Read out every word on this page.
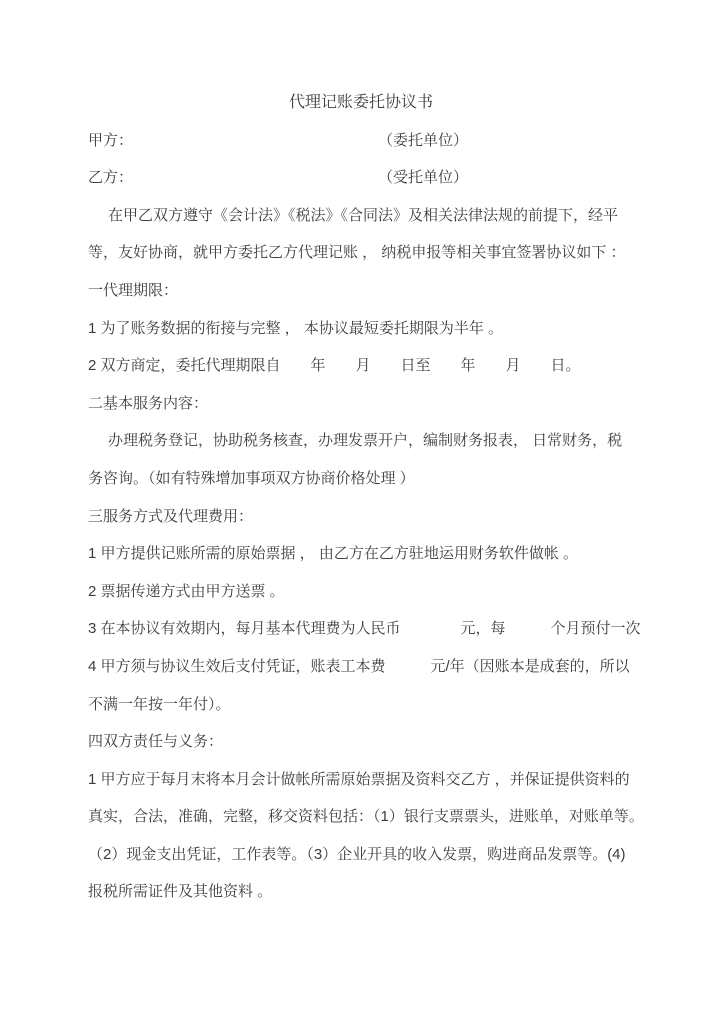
代理记账委托协议书
甲方：	（委托单位）
乙方：	（受托单位）
在甲乙双方遵守《会计法》《税法》《合同法》及相关法律法规的前提下，经平
等，友好协商，就甲方委托乙方代理记账 ， 纳税申报等相关事宜签署协议如下 ：
一代理期限：
1 为了账务数据的衔接与完整 ， 本协议最短委托期限为半年 。
2 双方商定，委托代理期限自　　年　　月　　日至　　年　　月　　日。
二基本服务内容：
办理税务登记，协助税务核查，办理发票开户，编制财务报表， 日常财务，税
务咨询。（如有特殊增加事项双方协商价格处理 ）
三服务方式及代理费用：
1 甲方提供记账所需的原始票据 ， 由乙方在乙方驻地运用财务软件做帐 。
2 票据传递方式由甲方送票 。
3 在本协议有效期内，每月基本代理费为人民币　　　　元，每　　　个月预付一次
4 甲方须与协议生效后支付凭证，账表工本费　　　元/年（因账本是成套的，所以
不满一年按一年付）。
四双方责任与义务：
1 甲方应于每月末将本月会计做帐所需原始票据及资料交乙方 ，并保证提供资料的
真实，合法，准确，完整，移交资料包括：（1）银行支票票头，进账单，对账单等。
（2）现金支出凭证，工作表等。（3）企业开具的收入发票，购进商品发票等。(4)
报税所需证件及其他资料 。
